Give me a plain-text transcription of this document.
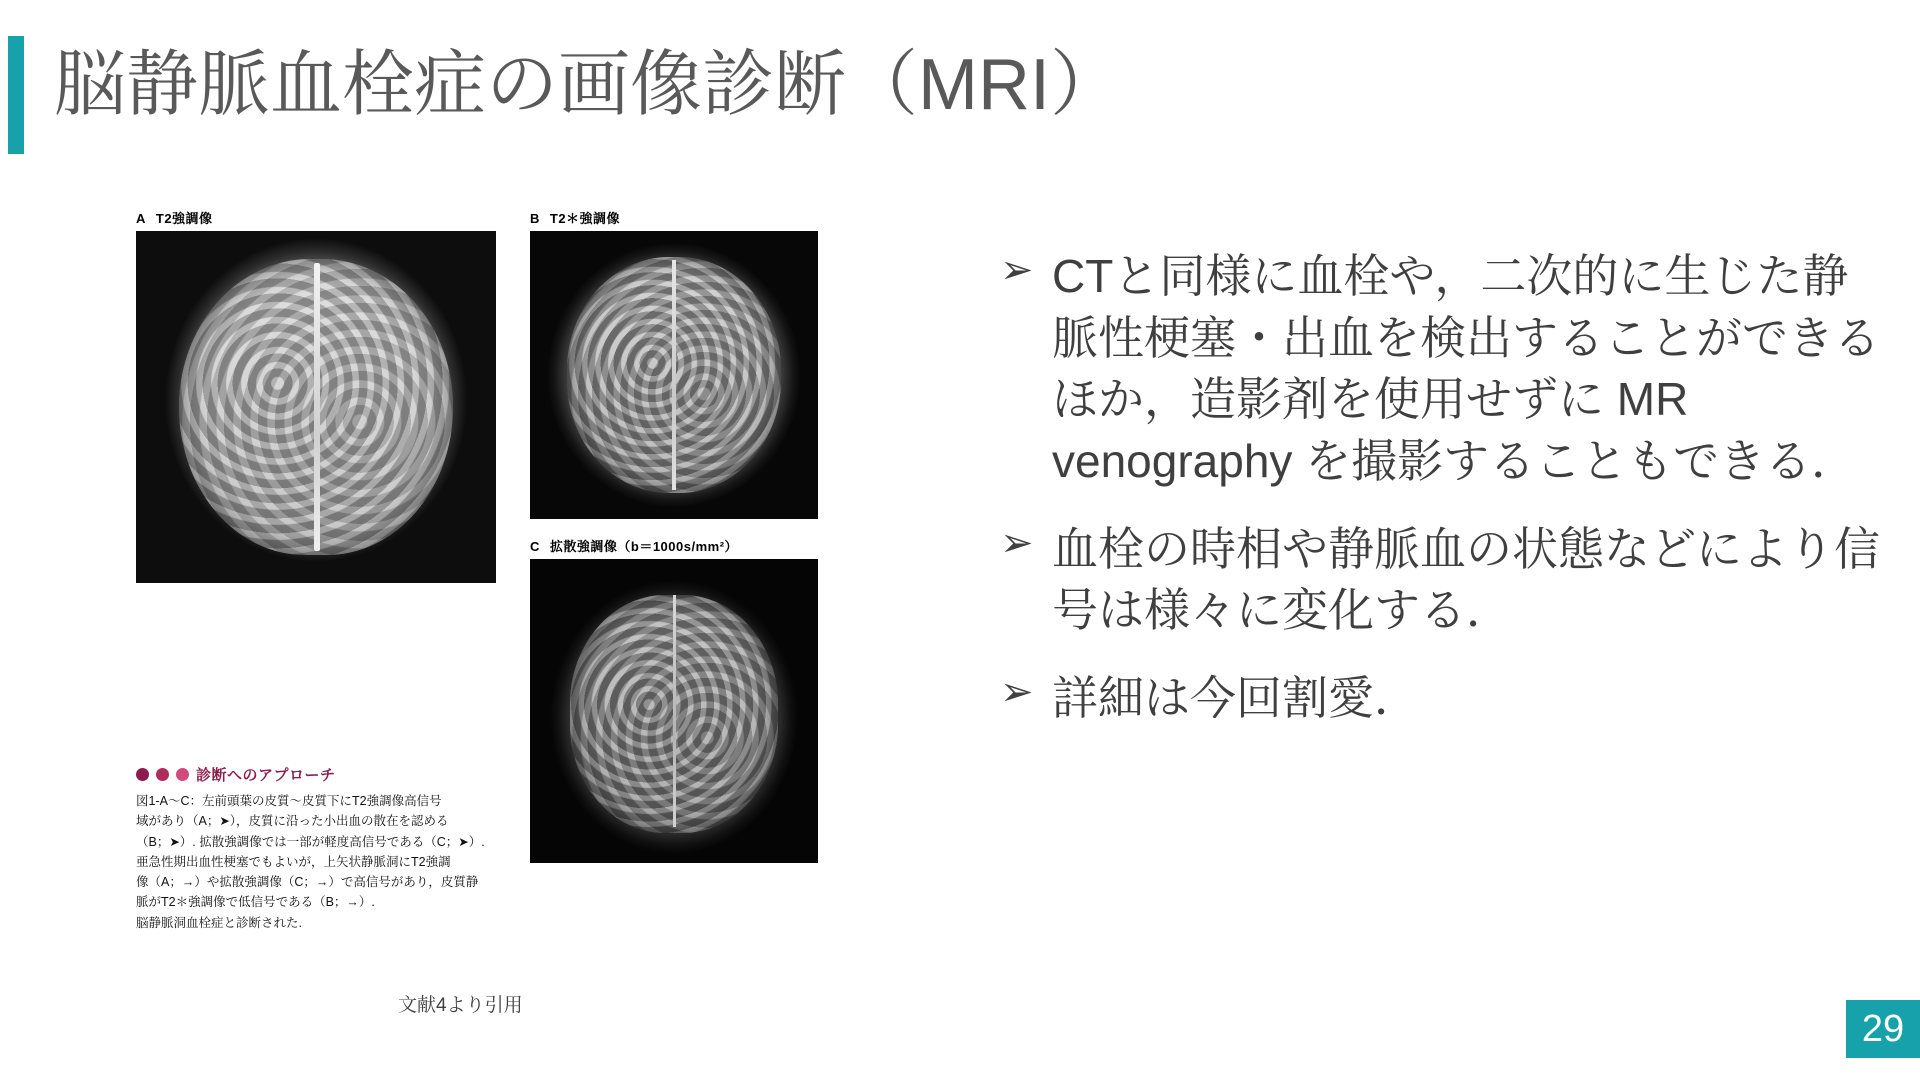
脳静脈血栓症の画像診断（MRI）
A T2強調像	B T2＊強調像
C 拡散強調像（b＝1000s/mm²）
診断へのアプローチ
図1-A〜C：左前頭葉の皮質〜皮質下にT2強調像高信号
域があり（A；➤），皮質に沿った小出血の散在を認める
（B；➤）. 拡散強調像では一部が軽度高信号である（C；➤）.
亜急性期出血性梗塞でもよいが，上矢状静脈洞にT2強調
像（A；→）や拡散強調像（C；→）で高信号があり，皮質静
脈がT2＊強調像で低信号である（B；→）.
脳静脈洞血栓症と診断された.
文献4より引用
➢ CTと同様に血栓や，二次的に生じた静脈性梗塞・出血を検出することができるほか，造影剤を使用せずに MR venography を撮影することもできる．
➢ 血栓の時相や静脈血の状態などにより信号は様々に変化する．
➢ 詳細は今回割愛．
29
